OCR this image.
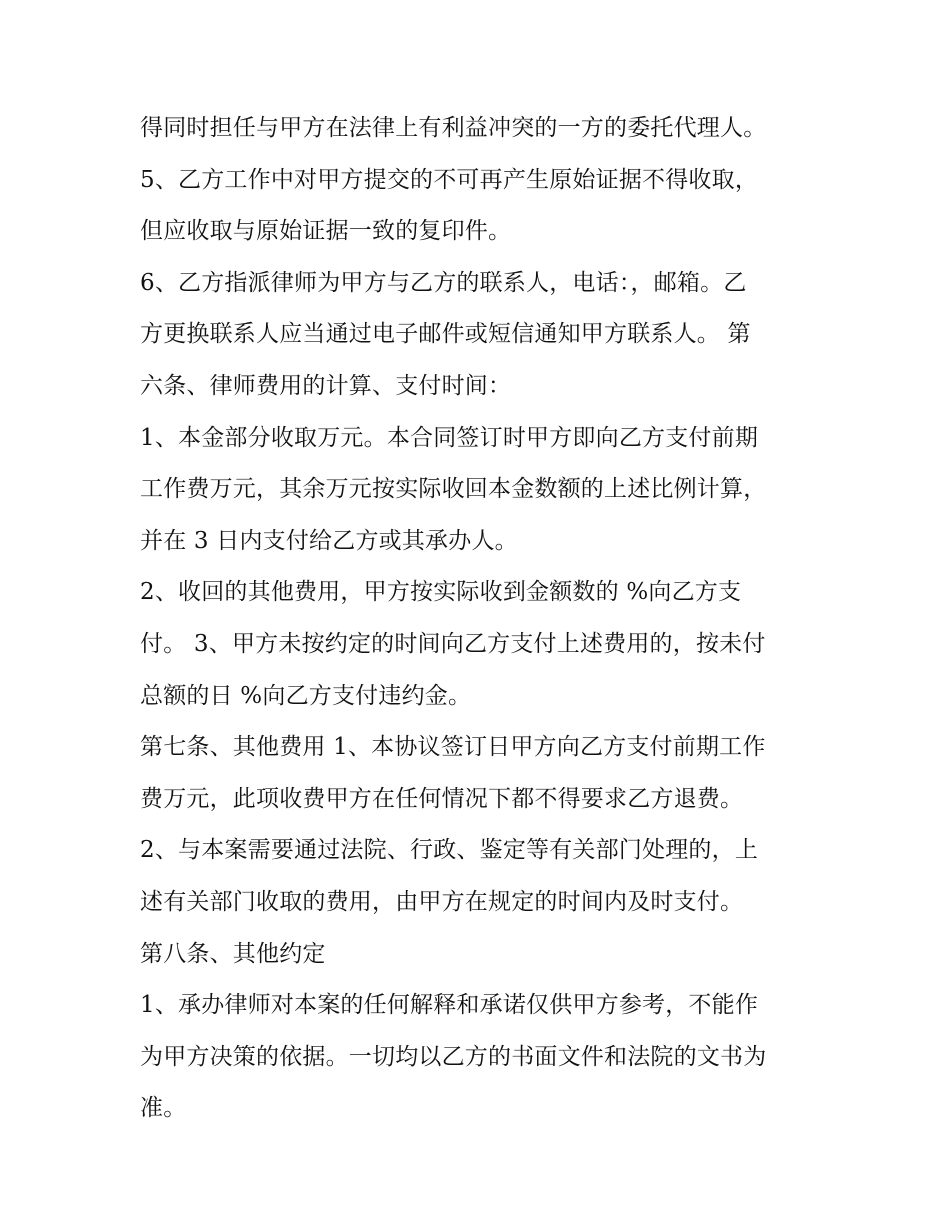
得同时担任与甲方在法律上有利益冲突的一方的委托代理人。
5、乙方工作中对甲方提交的不可再产生原始证据不得收取，
但应收取与原始证据一致的复印件。
6、乙方指派律师为甲方与乙方的联系人，电话：，邮箱。乙
方更换联系人应当通过电子邮件或短信通知甲方联系人。 第
六条、律师费用的计算、支付时间：
1、本金部分收取万元。本合同签订时甲方即向乙方支付前期
工作费万元，其余万元按实际收回本金数额的上述比例计算，
并在 3 日内支付给乙方或其承办人。
2、收回的其他费用，甲方按实际收到金额数的 %向乙方支
付。 3、甲方未按约定的时间向乙方支付上述费用的，按未付
总额的日 %向乙方支付违约金。
第七条、其他费用 1、本协议签订日甲方向乙方支付前期工作
费万元，此项收费甲方在任何情况下都不得要求乙方退费。
2、与本案需要通过法院、行政、鉴定等有关部门处理的，上
述有关部门收取的费用，由甲方在规定的时间内及时支付。
第八条、其他约定
1、承办律师对本案的任何解释和承诺仅供甲方参考，不能作
为甲方决策的依据。一切均以乙方的书面文件和法院的文书为
准。
